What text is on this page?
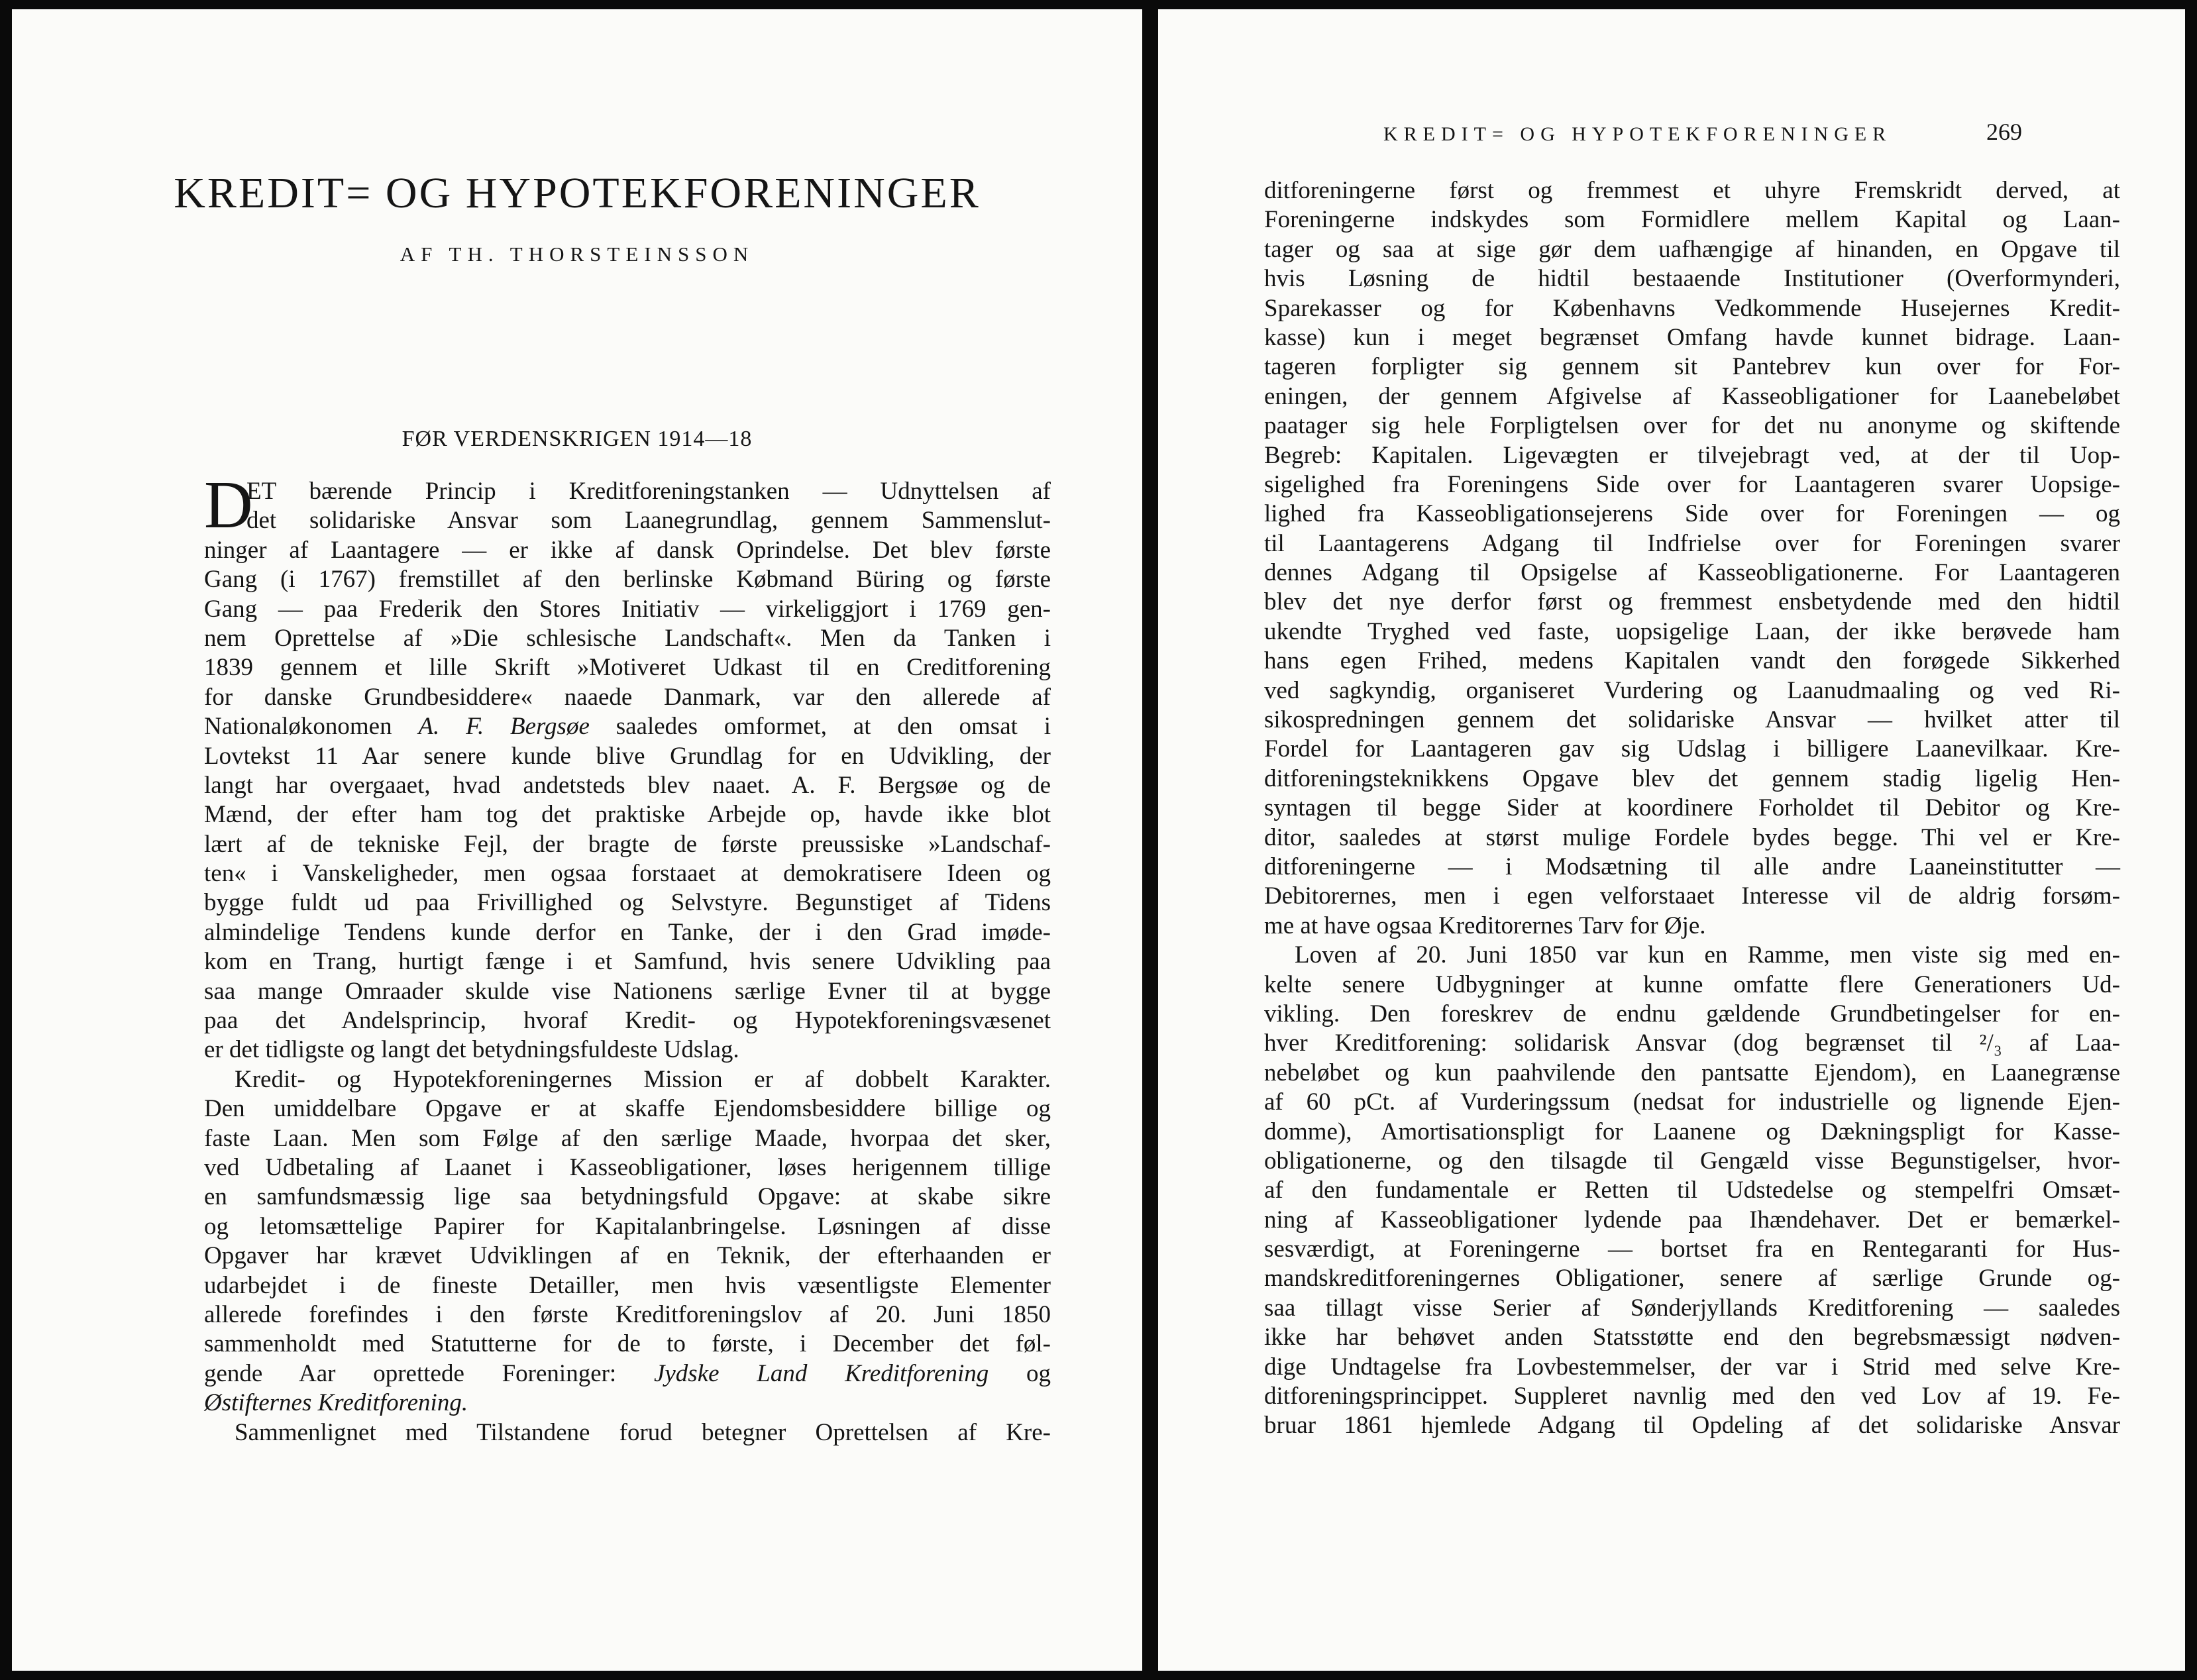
KREDIT= OG HYPOTEKFORENINGER
AF TH. THORSTEINSSON
FØR VERDENSKRIGEN 1914—18
D
ET bærende Princip i Kreditforeningstanken — Udnyttelsen af
det solidariske Ansvar som Laanegrundlag, gennem Sammenslut-
ninger af Laantagere — er ikke af dansk Oprindelse. Det blev første
Gang (i 1767) fremstillet af den berlinske Købmand Büring og første
Gang — paa Frederik den Stores Initiativ — virkeliggjort i 1769 gen-
nem Oprettelse af »Die schlesische Landschaft«. Men da Tanken i
1839 gennem et lille Skrift »Motiveret Udkast til en Creditforening
for danske Grundbesiddere« naaede Danmark, var den allerede af
Nationaløkonomen A. F. Bergsøe saaledes omformet, at den omsat i
Lovtekst 11 Aar senere kunde blive Grundlag for en Udvikling, der
langt har overgaaet, hvad andetsteds blev naaet. A. F. Bergsøe og de
Mænd, der efter ham tog det praktiske Arbejde op, havde ikke blot
lært af de tekniske Fejl, der bragte de første preussiske »Landschaf-
ten« i Vanskeligheder, men ogsaa forstaaet at demokratisere Ideen og
bygge fuldt ud paa Frivillighed og Selvstyre. Begunstiget af Tidens
almindelige Tendens kunde derfor en Tanke, der i den Grad imøde-
kom en Trang, hurtigt fænge i et Samfund, hvis senere Udvikling paa
saa mange Omraader skulde vise Nationens særlige Evner til at bygge
paa det Andelsprincip, hvoraf Kredit- og Hypotekforeningsvæsenet
er det tidligste og langt det betydningsfuldeste Udslag.
Kredit- og Hypotekforeningernes Mission er af dobbelt Karakter.
Den umiddelbare Opgave er at skaffe Ejendomsbesiddere billige og
faste Laan. Men som Følge af den særlige Maade, hvorpaa det sker,
ved Udbetaling af Laanet i Kasseobligationer, løses herigennem tillige
en samfundsmæssig lige saa betydningsfuld Opgave: at skabe sikre
og letomsættelige Papirer for Kapitalanbringelse. Løsningen af disse
Opgaver har krævet Udviklingen af en Teknik, der efterhaanden er
udarbejdet i de fineste Detailler, men hvis væsentligste Elementer
allerede forefindes i den første Kreditforeningslov af 20. Juni 1850
sammenholdt med Statutterne for de to første, i December det føl-
gende Aar oprettede Foreninger: Jydske Land Kreditforening og
Østifternes Kreditforening.
Sammenlignet med Tilstandene forud betegner Oprettelsen af Kre-
KREDIT= OG HYPOTEKFORENINGER	269
ditforeningerne først og fremmest et uhyre Fremskridt derved, at
Foreningerne indskydes som Formidlere mellem Kapital og Laan-
tager og saa at sige gør dem uafhængige af hinanden, en Opgave til
hvis Løsning de hidtil bestaaende Institutioner (Overformynderi,
Sparekasser og for Københavns Vedkommende Husejernes Kredit-
kasse) kun i meget begrænset Omfang havde kunnet bidrage. Laan-
tageren forpligter sig gennem sit Pantebrev kun over for For-
eningen, der gennem Afgivelse af Kasseobligationer for Laanebeløbet
paatager sig hele Forpligtelsen over for det nu anonyme og skiftende
Begreb: Kapitalen. Ligevægten er tilvejebragt ved, at der til Uop-
sigelighed fra Foreningens Side over for Laantageren svarer Uopsige-
lighed fra Kasseobligationsejerens Side over for Foreningen — og
til Laantagerens Adgang til Indfrielse over for Foreningen svarer
dennes Adgang til Opsigelse af Kasseobligationerne. For Laantageren
blev det nye derfor først og fremmest ensbetydende med den hidtil
ukendte Tryghed ved faste, uopsigelige Laan, der ikke berøvede ham
hans egen Frihed, medens Kapitalen vandt den forøgede Sikkerhed
ved sagkyndig, organiseret Vurdering og Laanudmaaling og ved Ri-
sikospredningen gennem det solidariske Ansvar — hvilket atter til
Fordel for Laantageren gav sig Udslag i billigere Laanevilkaar. Kre-
ditforeningsteknikkens Opgave blev det gennem stadig ligelig Hen-
syntagen til begge Sider at koordinere Forholdet til Debitor og Kre-
ditor, saaledes at størst mulige Fordele bydes begge. Thi vel er Kre-
ditforeningerne — i Modsætning til alle andre Laaneinstitutter —
Debitorernes, men i egen velforstaaet Interesse vil de aldrig forsøm-
me at have ogsaa Kreditorernes Tarv for Øje.
Loven af 20. Juni 1850 var kun en Ramme, men viste sig med en-
kelte senere Udbygninger at kunne omfatte flere Generationers Ud-
vikling. Den foreskrev de endnu gældende Grundbetingelser for en-
hver Kreditforening: solidarisk Ansvar (dog begrænset til ²/₃ af Laa-
nebeløbet og kun paahvilende den pantsatte Ejendom), en Laanegrænse
af 60 pCt. af Vurderingssum (nedsat for industrielle og lignende Ejen-
domme), Amortisationspligt for Laanene og Dækningspligt for Kasse-
obligationerne, og den tilsagde til Gengæld visse Begunstigelser, hvor-
af den fundamentale er Retten til Udstedelse og stempelfri Omsæt-
ning af Kasseobligationer lydende paa Ihændehaver. Det er bemærkel-
sesværdigt, at Foreningerne — bortset fra en Rentegaranti for Hus-
mandskreditforeningernes Obligationer, senere af særlige Grunde og-
saa tillagt visse Serier af Sønderjyllands Kreditforening — saaledes
ikke har behøvet anden Statsstøtte end den begrebsmæssigt nødven-
dige Undtagelse fra Lovbestemmelser, der var i Strid med selve Kre-
ditforeningsprincippet. Suppleret navnlig med den ved Lov af 19. Fe-
bruar 1861 hjemlede Adgang til Opdeling af det solidariske Ansvar
